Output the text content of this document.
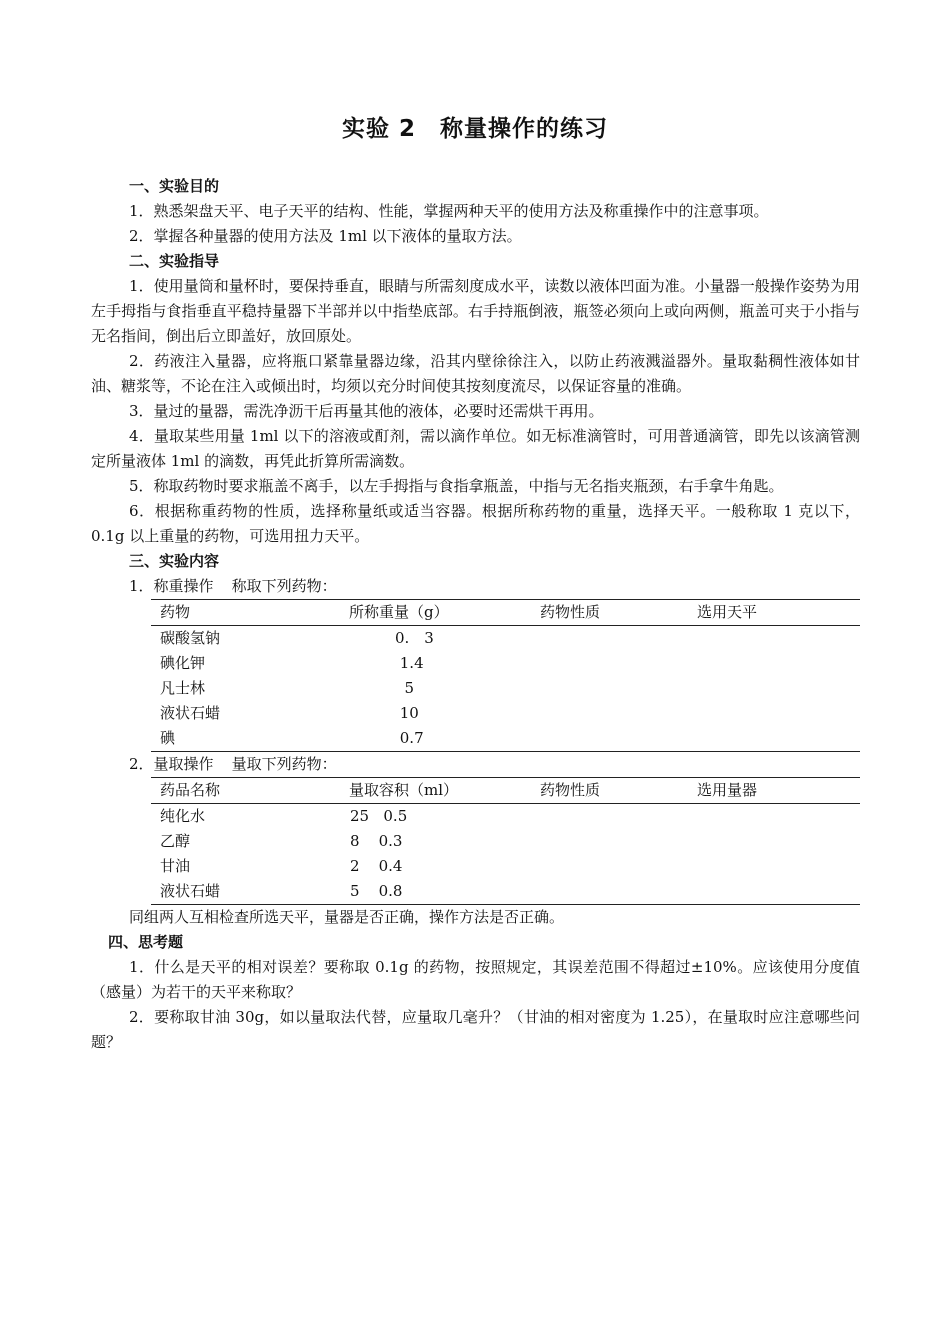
实验 2　称量操作的练习
一、实验目的

1．熟悉架盘天平、电子天平的结构、性能，掌握两种天平的使用方法及称重操作中的注意事项。

2．掌握各种量器的使用方法及 1ml 以下液体的量取方法。

二、实验指导

1．使用量筒和量杯时，要保持垂直，眼睛与所需刻度成水平，读数以液体凹面为准。小量器一般操作姿势为用左手拇指与食指垂直平稳持量器下半部并以中指垫底部。右手持瓶倒液，瓶签必须向上或向两侧，瓶盖可夹于小指与无名指间，倒出后立即盖好，放回原处。

2．药液注入量器，应将瓶口紧靠量器边缘，沿其内壁徐徐注入，以防止药液溅溢器外。量取黏稠性液体如甘油、糖浆等，不论在注入或倾出时，均须以充分时间使其按刻度流尽，以保证容量的准确。

3．量过的量器，需洗净沥干后再量其他的液体，必要时还需烘干再用。

4．量取某些用量 1ml 以下的溶液或酊剂，需以滴作单位。如无标准滴管时，可用普通滴管，即先以该滴管测定所量液体 1ml 的滴数，再凭此折算所需滴数。

5．称取药物时要求瓶盖不离手，以左手拇指与食指拿瓶盖，中指与无名指夹瓶颈，右手拿牛角匙。

6．根据称重药物的性质，选择称量纸或适当容器。根据所称药物的重量，选择天平。一般称取 1 克以下，0.1g 以上重量的药物，可选用扭力天平。

三、实验内容
1．称重操作 称取下列药物：
药物	所称重量（g）	药物性质	选用天平
碳酸氢钠	0.　3		
碘化钾	1.4		
凡士林	5		
液状石蜡	10		
碘	0.7		
2．量取操作 量取下列药物：
药品名称	量取容积（ml）	药物性质	选用量器
纯化水	25   0.5		
乙醇	8    0.3		
甘油	2    0.4		
液状石蜡	5    0.8		
同组两人互相检查所选天平，量器是否正确，操作方法是否正确。
四、思考题

1．什么是天平的相对误差？要称取 0.1g 的药物，按照规定，其误差范围不得超过±10%。应该使用分度值（感量）为若干的天平来称取？

2．要称取甘油 30g，如以量取法代替，应量取几毫升？（甘油的相对密度为 1.25），在量取时应注意哪些问题？
